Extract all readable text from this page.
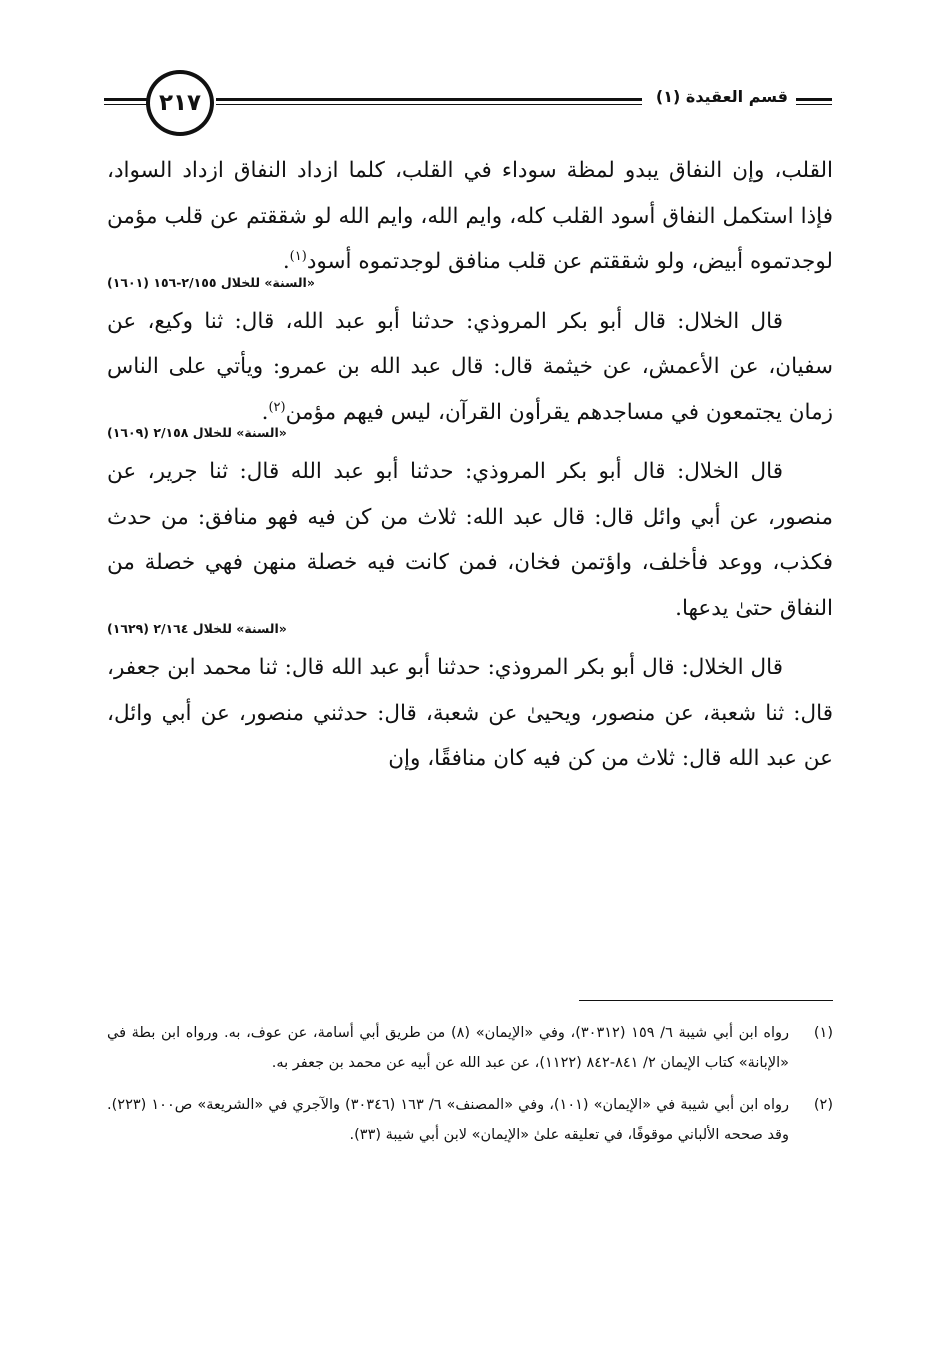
٢١٧	قسم العقيدة (١)

القلب، وإن النفاق يبدو لمظة سوداء في القلب، كلما ازداد النفاق ازداد السواد، فإذا استكمل النفاق أسود القلب كله، وايم الله، وايم الله لو شققتم عن قلب مؤمن لوجدتموه أبيض، ولو شققتم عن قلب منافق لوجدتموه أسود$^{(١)}$.

«السنة» للخلال ٢/١٥٥-١٥٦ (١٦٠١)

قال الخلال: قال أبو بكر المروذي: حدثنا أبو عبد الله، قال: ثنا وكيع، عن سفيان، عن الأعمش، عن خيثمة قال: قال عبد الله بن عمرو: ويأتي على الناس زمان يجتمعون في مساجدهم يقرأون القرآن، ليس فيهم مؤمن$^{(٢)}$.

«السنة» للخلال ٢/١٥٨ (١٦٠٩)

قال الخلال: قال أبو بكر المروذي: حدثنا أبو عبد الله قال: ثنا جرير، عن منصور، عن أبي وائل قال: قال عبد الله: ثلاث من كن فيه فهو منافق: من حدث فكذب، ووعد فأخلف، واؤتمن فخان، فمن كانت فيه خصلة منهن فهي خصلة من النفاق حتىٰ يدعها.

«السنة» للخلال ٢/١٦٤ (١٦٢٩)

قال الخلال: قال أبو بكر المروذي: حدثنا أبو عبد الله قال: ثنا محمد ابن جعفر، قال: ثنا شعبة، عن منصور، ويحيىٰ عن شعبة، قال: حدثني منصور، عن أبي وائل، عن عبد الله قال: ثلاث من كن فيه كان منافقًا، وإن

(١)
رواه ابن أبي شيبة ٦/ ١٥٩ (٣٠٣١٢)، وفي «الإيمان» (٨) من طريق أبي أسامة، عن عوف، به. ورواه ابن بطة في «الإبانة» كتاب الإيمان ٢/ ٨٤١-٨٤٢ (١١٢٢)، عن عبد الله عن أبيه عن محمد بن جعفر به.
(٢)
رواه ابن أبي شيبة في «الإيمان» (١٠١)، وفي «المصنف» ٦/ ١٦٣ (٣٠٣٤٦) والآجري في «الشريعة» ص١٠٠ (٢٢٣). وقد صححه الألباني موقوفًا، في تعليقه علىٰ «الإيمان» لابن أبي شيبة (٣٣).
